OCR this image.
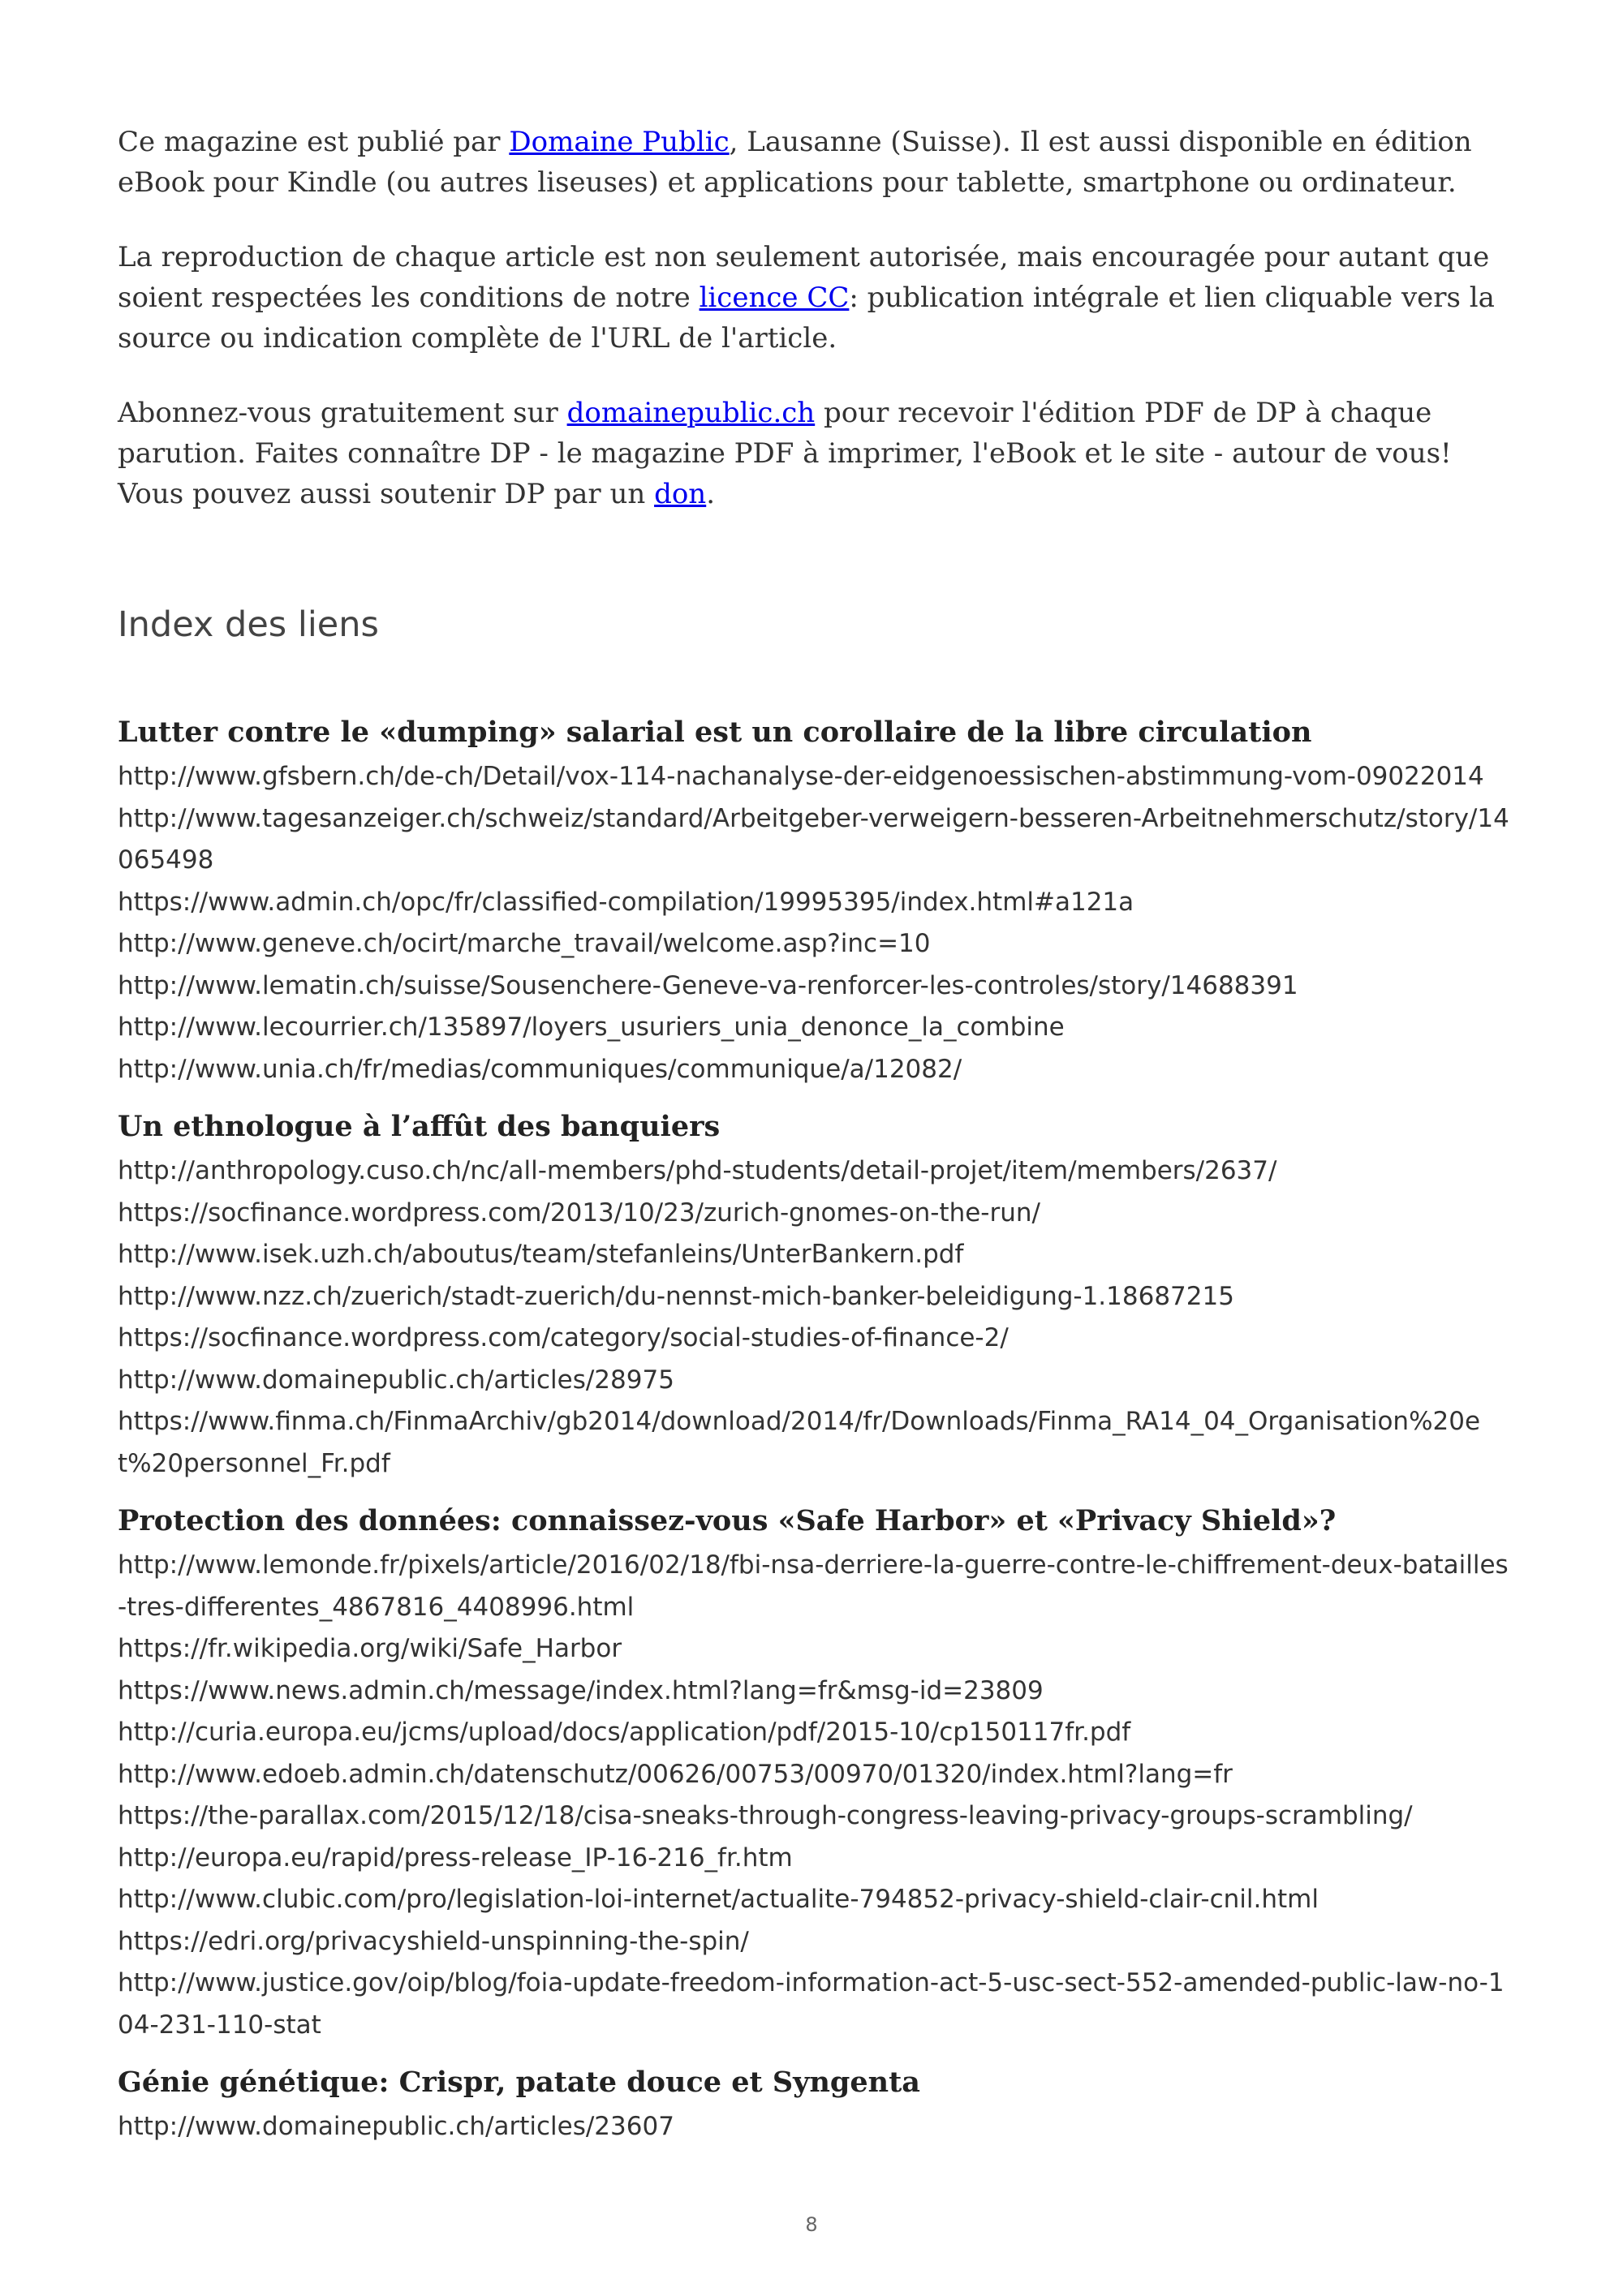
Ce magazine est publié par Domaine Public, Lausanne (Suisse). Il est aussi disponible en édition eBook pour Kindle (ou autres liseuses) et applications pour tablette, smartphone ou ordinateur.

La reproduction de chaque article est non seulement autorisée, mais encouragée pour autant que soient respectées les conditions de notre licence CC: publication intégrale et lien cliquable vers la source ou indication complète de l'URL de l'article.

Abonnez-vous gratuitement sur domainepublic.ch pour recevoir l'édition PDF de DP à chaque parution. Faites connaître DP - le magazine PDF à imprimer, l'eBook et le site - autour de vous! Vous pouvez aussi soutenir DP par un don.

Index des liens
Lutter contre le «dumping» salarial est un corollaire de la libre circulation
http://www.gfsbern.ch/de-ch/Detail/vox-114-nachanalyse-der-eidgenoessischen-abstimmung-vom-09022014
http://www.tagesanzeiger.ch/schweiz/standard/Arbeitgeber-verweigern-besseren-Arbeitnehmerschutz/story/14065498
https://www.admin.ch/opc/fr/classified-compilation/19995395/index.html#a121a
http://www.geneve.ch/ocirt/marche_travail/welcome.asp?inc=10
http://www.lematin.ch/suisse/Sousenchere-Geneve-va-renforcer-les-controles/story/14688391
http://www.lecourrier.ch/135897/loyers_usuriers_unia_denonce_la_combine
http://www.unia.ch/fr/medias/communiques/communique/a/12082/
Un ethnologue à l’affût des banquiers
http://anthropology.cuso.ch/nc/all-members/phd-students/detail-projet/item/members/2637/
https://socfinance.wordpress.com/2013/10/23/zurich-gnomes-on-the-run/
http://www.isek.uzh.ch/aboutus/team/stefanleins/UnterBankern.pdf
http://www.nzz.ch/zuerich/stadt-zuerich/du-nennst-mich-banker-beleidigung-1.18687215
https://socfinance.wordpress.com/category/social-studies-of-finance-2/
http://www.domainepublic.ch/articles/28975
https://www.finma.ch/FinmaArchiv/gb2014/download/2014/fr/Downloads/Finma_RA14_04_Organisation%20et%20personnel_Fr.pdf
Protection des données: connaissez-vous «Safe Harbor» et «Privacy Shield»?
http://www.lemonde.fr/pixels/article/2016/02/18/fbi-nsa-derriere-la-guerre-contre-le-chiffrement-deux-batailles-tres-differentes_4867816_4408996.html
https://fr.wikipedia.org/wiki/Safe_Harbor
https://www.news.admin.ch/message/index.html?lang=fr&msg-id=23809
http://curia.europa.eu/jcms/upload/docs/application/pdf/2015-10/cp150117fr.pdf
http://www.edoeb.admin.ch/datenschutz/00626/00753/00970/01320/index.html?lang=fr
https://the-parallax.com/2015/12/18/cisa-sneaks-through-congress-leaving-privacy-groups-scrambling/
http://europa.eu/rapid/press-release_IP-16-216_fr.htm
http://www.clubic.com/pro/legislation-loi-internet/actualite-794852-privacy-shield-clair-cnil.html
https://edri.org/privacyshield-unspinning-the-spin/
http://www.justice.gov/oip/blog/foia-update-freedom-information-act-5-usc-sect-552-amended-public-law-no-104-231-110-stat
Génie génétique: Crispr, patate douce et Syngenta
http://www.domainepublic.ch/articles/23607
8
